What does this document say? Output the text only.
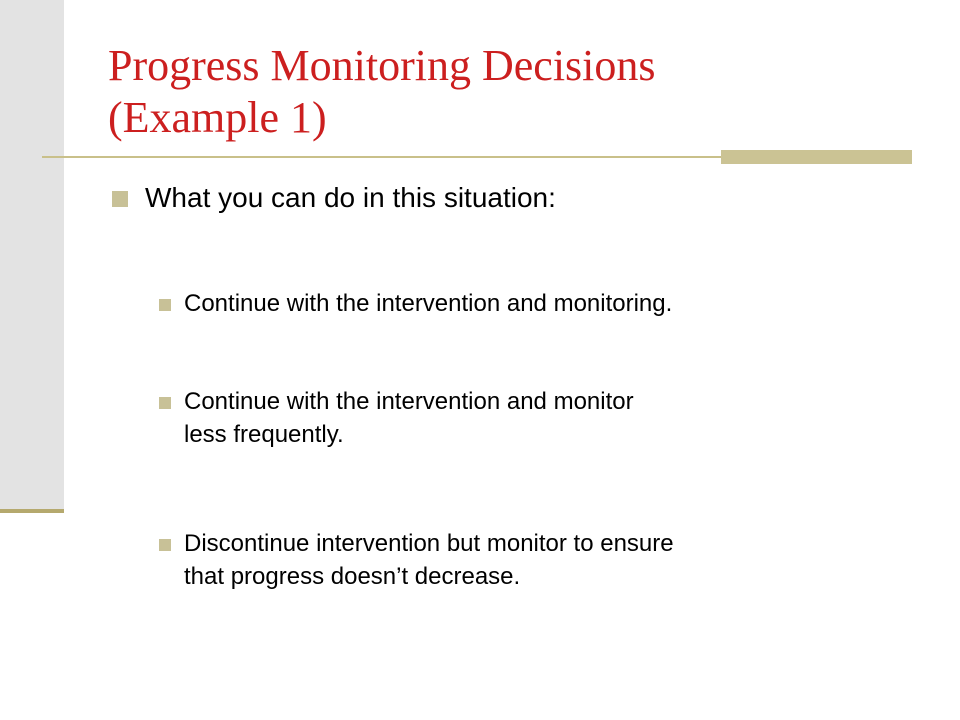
Progress Monitoring Decisions
(Example 1)
What you can do in this situation:
Continue with the intervention and monitoring.
Continue with the intervention and monitor
less frequently.
Discontinue intervention but monitor to ensure
that progress doesn’t decrease.
